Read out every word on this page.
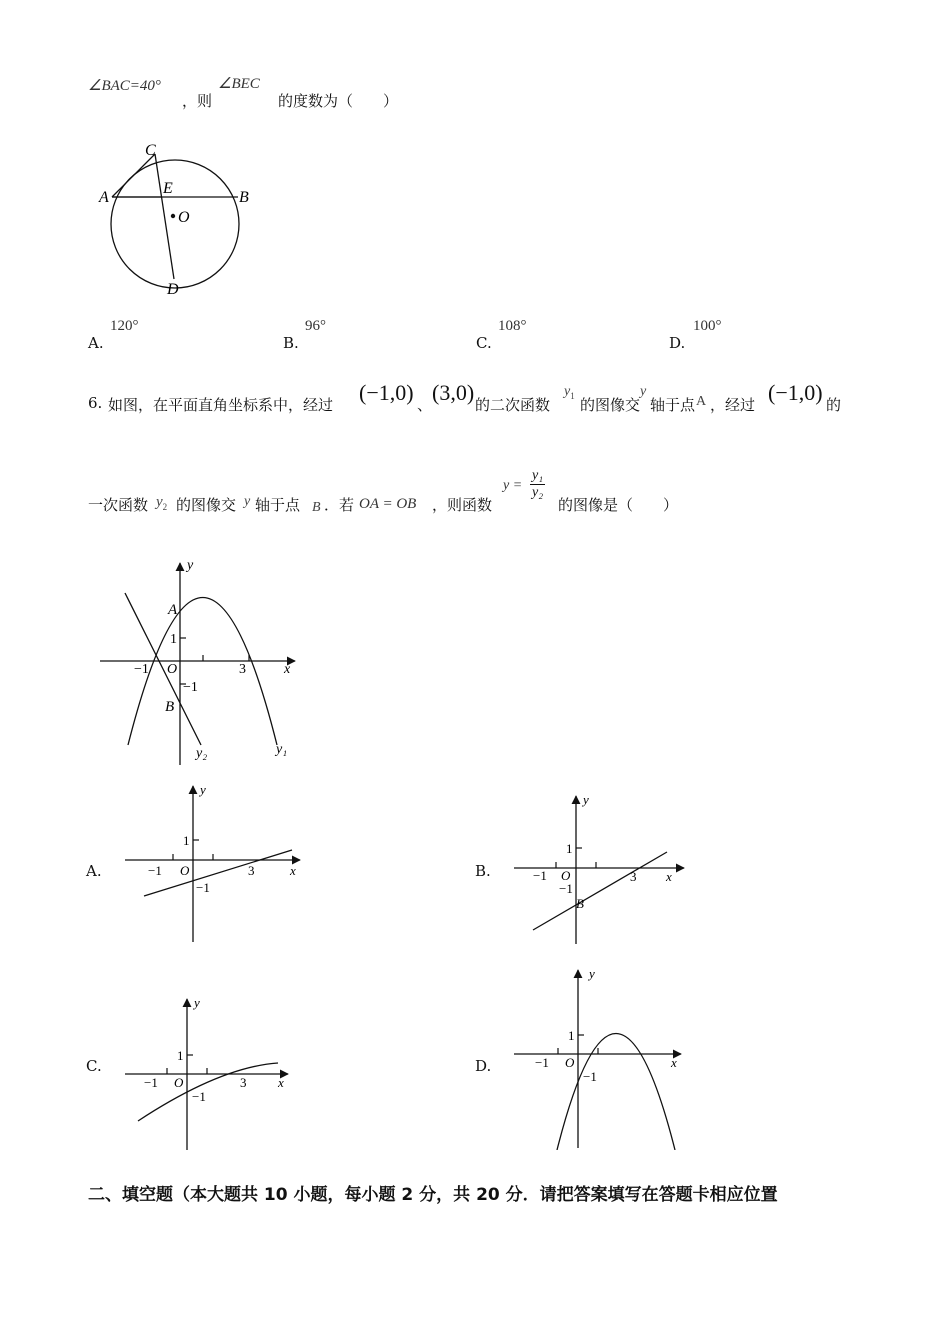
∠BAC=40°
，则
∠BEC
的度数为（　　）
C
A
E
B
O
D
A.
120°
B.
96°
C.
108°
D.
100°
6. 如图，在平面直角坐标系中，经过 (−1,0) 、 (3,0) 的二次函数
$y_1$
的图像交
y
轴于点 A ，经过 (−1,0) 的
一次函数 $y_2$ 的图像交 y 轴于点 B ．若 OA = OB ，则函数
$y = \frac{\text{y₁}}{\text{y₂}}$
的图像是（　　）
y
A
1
−1 O	3	x
−1
B
y₂	y₁
A.
y
1
−1 O	3	x
−1
B.
y
1
−1 O
−1
3 x
B
C.
y
1
−1 O	3 x
−1
D.
y
1
−1 O	x
−1
二、填空题（本大题共 10 小题，每小题 2 分，共 20 分．请把答案填写在答题卡相应位置
